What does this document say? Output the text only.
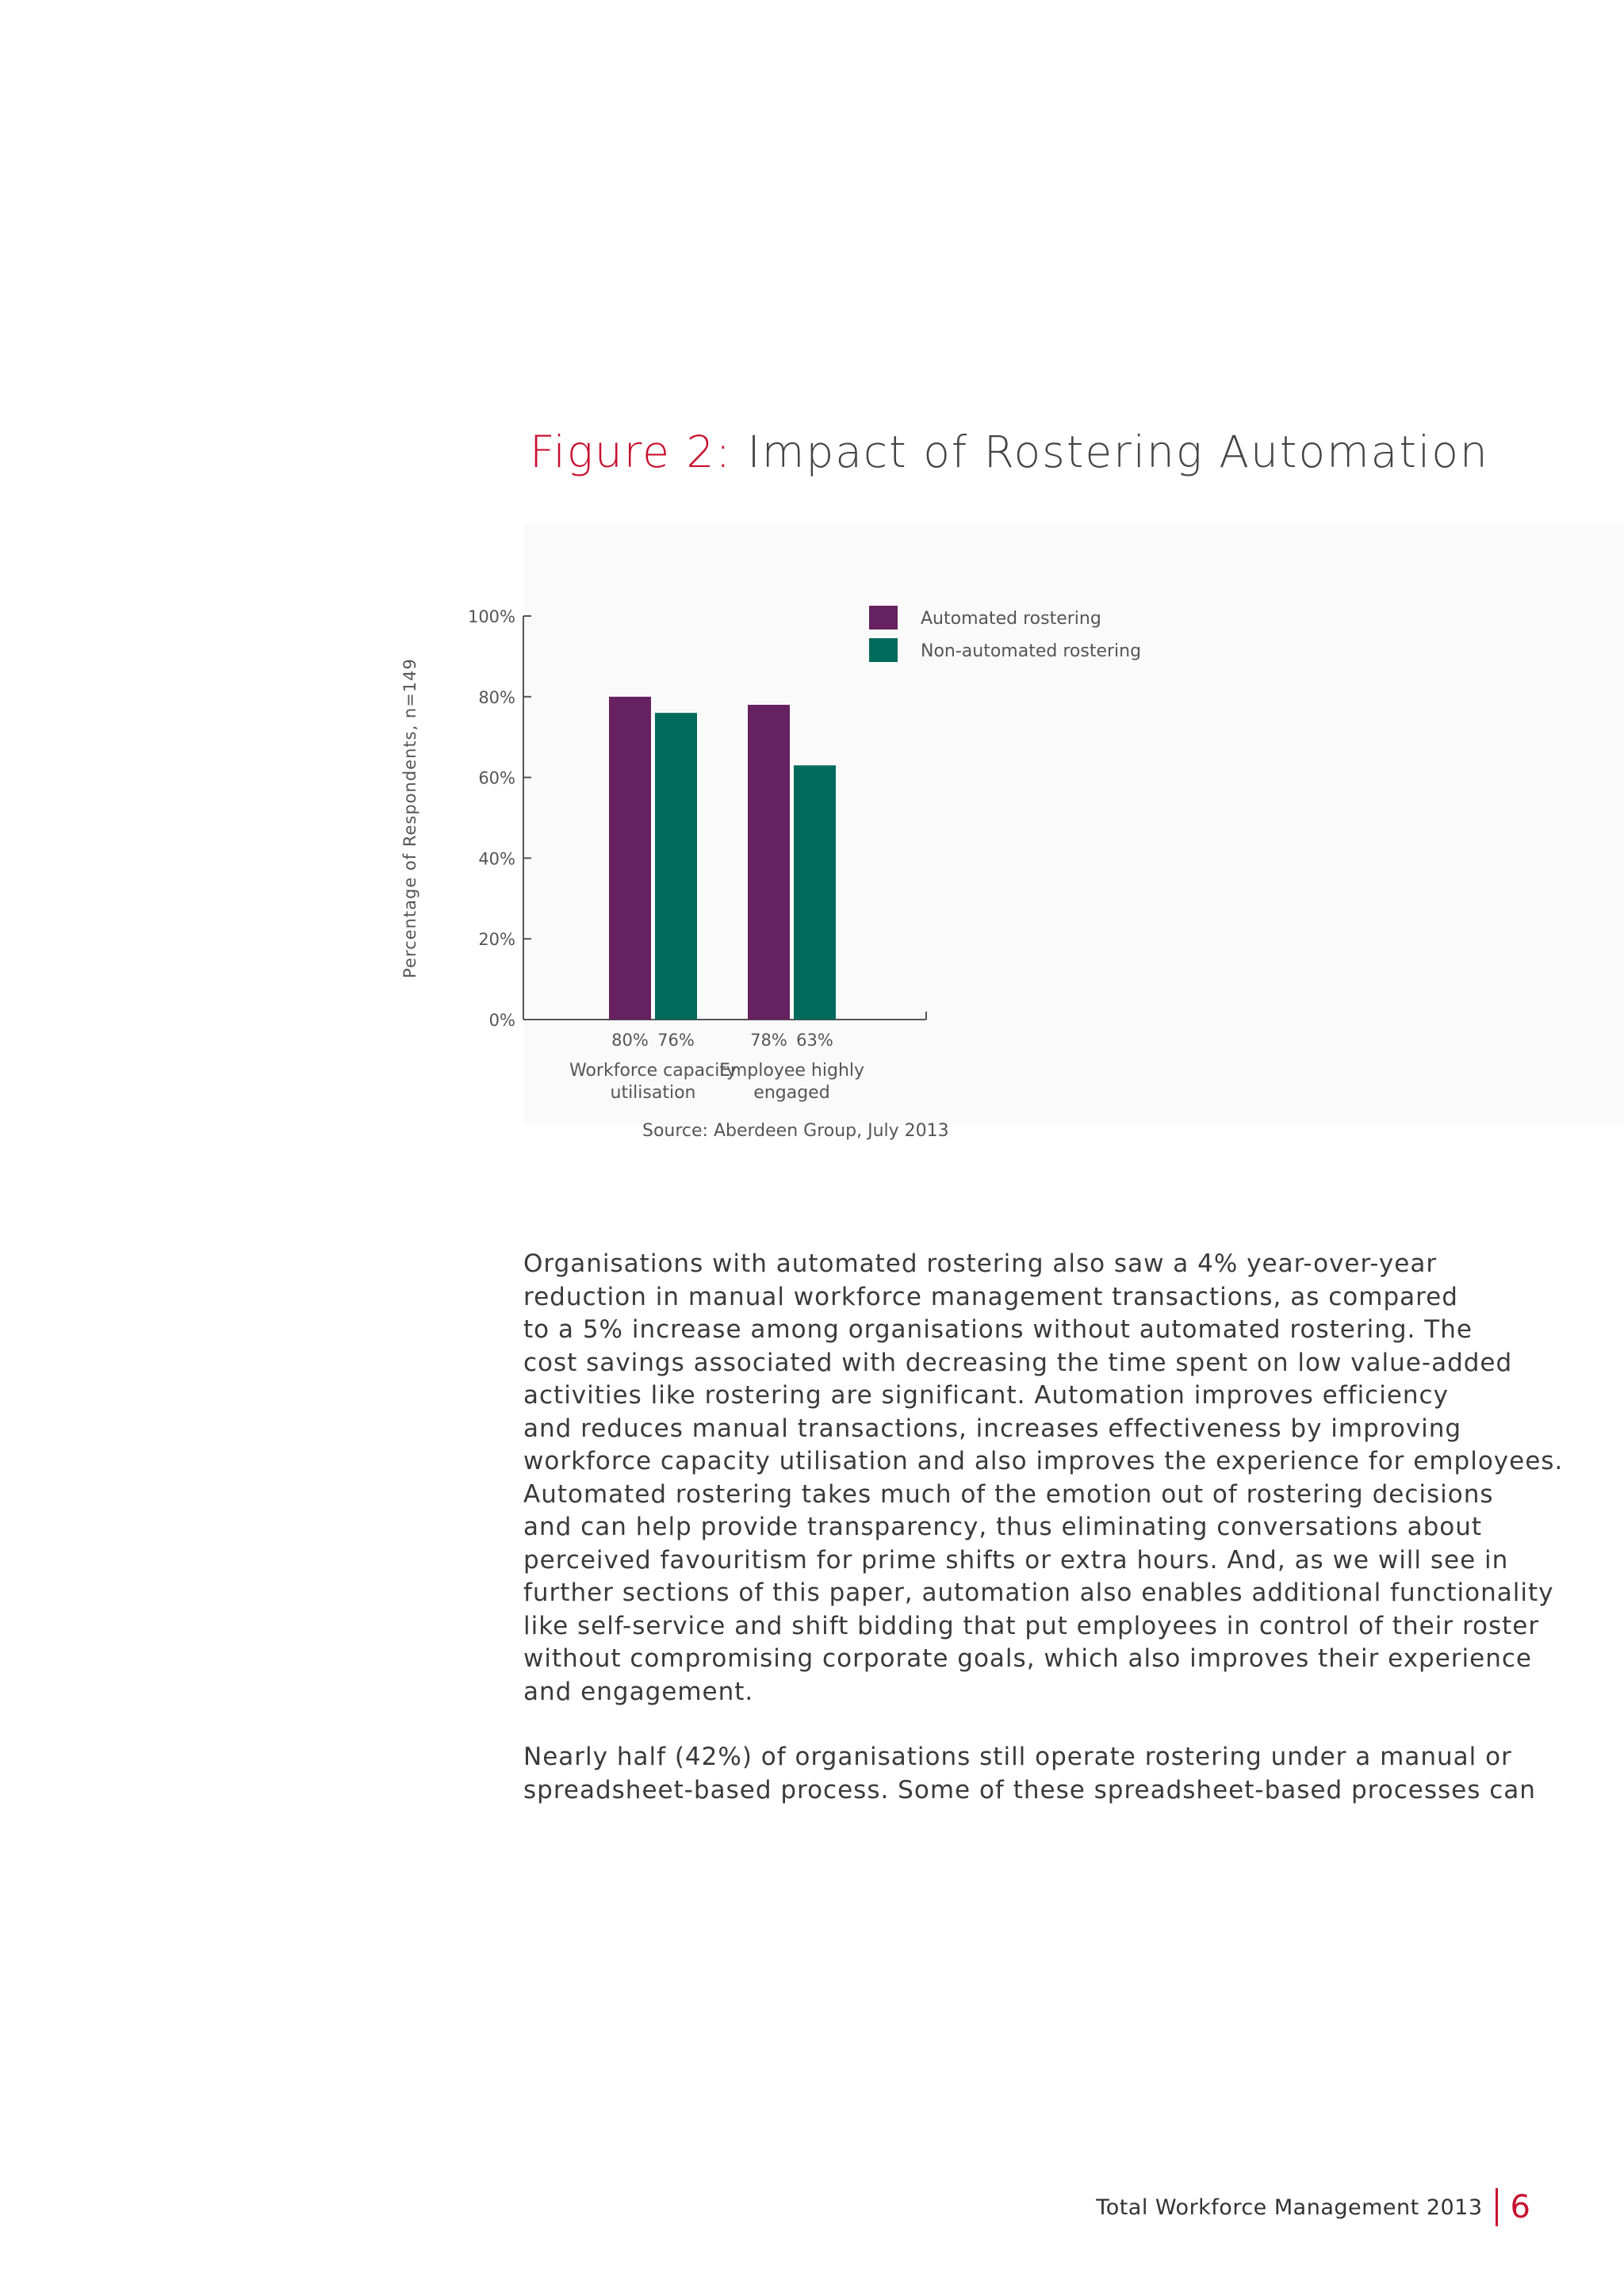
Figure 2: Impact of Rostering Automation
0%
20%
40%
60%
80%
100%
Percentage of Respondents, n=149
80% 76%
Workforce capacity
utilisation
78% 63%
Employee highly
engaged
Automated rostering
Non-automated rostering
Source: Aberdeen Group, July 2013

Organisations with automated rostering also saw a 4% year-over-year
reduction in manual workforce management transactions, as compared
to a 5% increase among organisations without automated rostering. The
cost savings associated with decreasing the time spent on low value-added
activities like rostering are significant. Automation improves efficiency
and reduces manual transactions, increases effectiveness by improving
workforce capacity utilisation and also improves the experience for employees.
Automated rostering takes much of the emotion out of rostering decisions
and can help provide transparency, thus eliminating conversations about
perceived favouritism for prime shifts or extra hours. And, as we will see in
further sections of this paper, automation also enables additional functionality
like self-service and shift bidding that put employees in control of their roster
without compromising corporate goals, which also improves their experience
and engagement.

Nearly half (42%) of organisations still operate rostering under a manual or
spreadsheet-based process. Some of these spreadsheet-based processes can

Total Workforce Management 2013 6
